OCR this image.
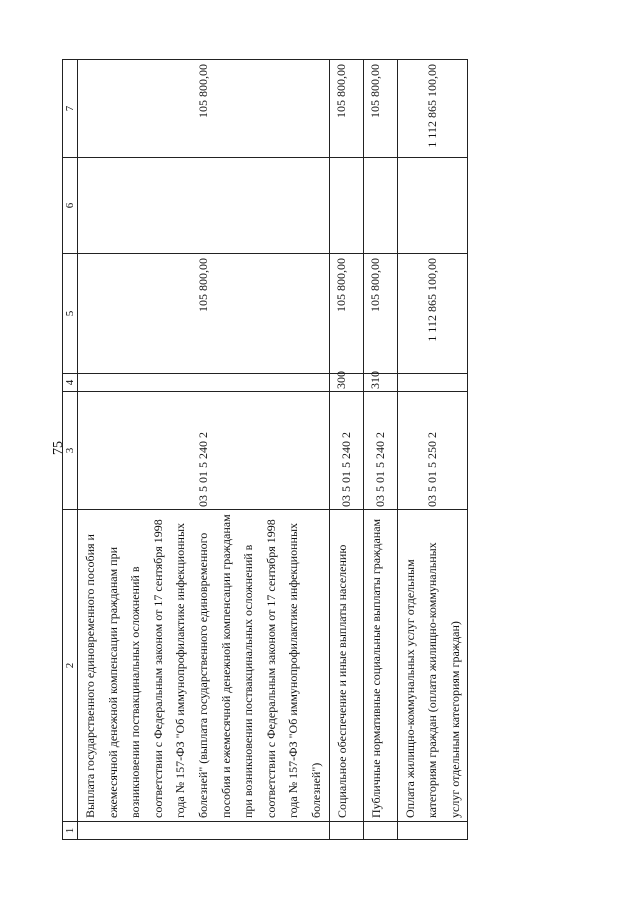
75
1	2	3	4	5	6	7
	Выплата государственного единовременного пособия и ежемесячной денежной компенсации гражданам при возникновении поствакцинальных осложнений в соответствии с Федеральным законом от 17 сентября 1998 года № 157-ФЗ "Об иммунопрофилактике инфекционных болезней" (выплата государственного единовременного пособия и ежемесячной денежной компенсации гражданам при возникновении поствакцинальных осложнений в соответствии с Федеральным законом от 17 сентября 1998 года № 157-ФЗ "Об иммунопрофилактике инфекционных болезней")	03 5 01 5 240 2		105 800,00		105 800,00
	Социальное обеспечение и иные выплаты населению	03 5 01 5 240 2	300	105 800,00		105 800,00
	Публичные нормативные социальные выплаты гражданам	03 5 01 5 240 2	310	105 800,00		105 800,00
	Оплата жилищно-коммунальных услуг отдельным категориям граждан (оплата жилищно-коммунальных услуг отдельным категориям граждан)	03 5 01 5 250 2		1 112 865 100,00		1 112 865 100,00
